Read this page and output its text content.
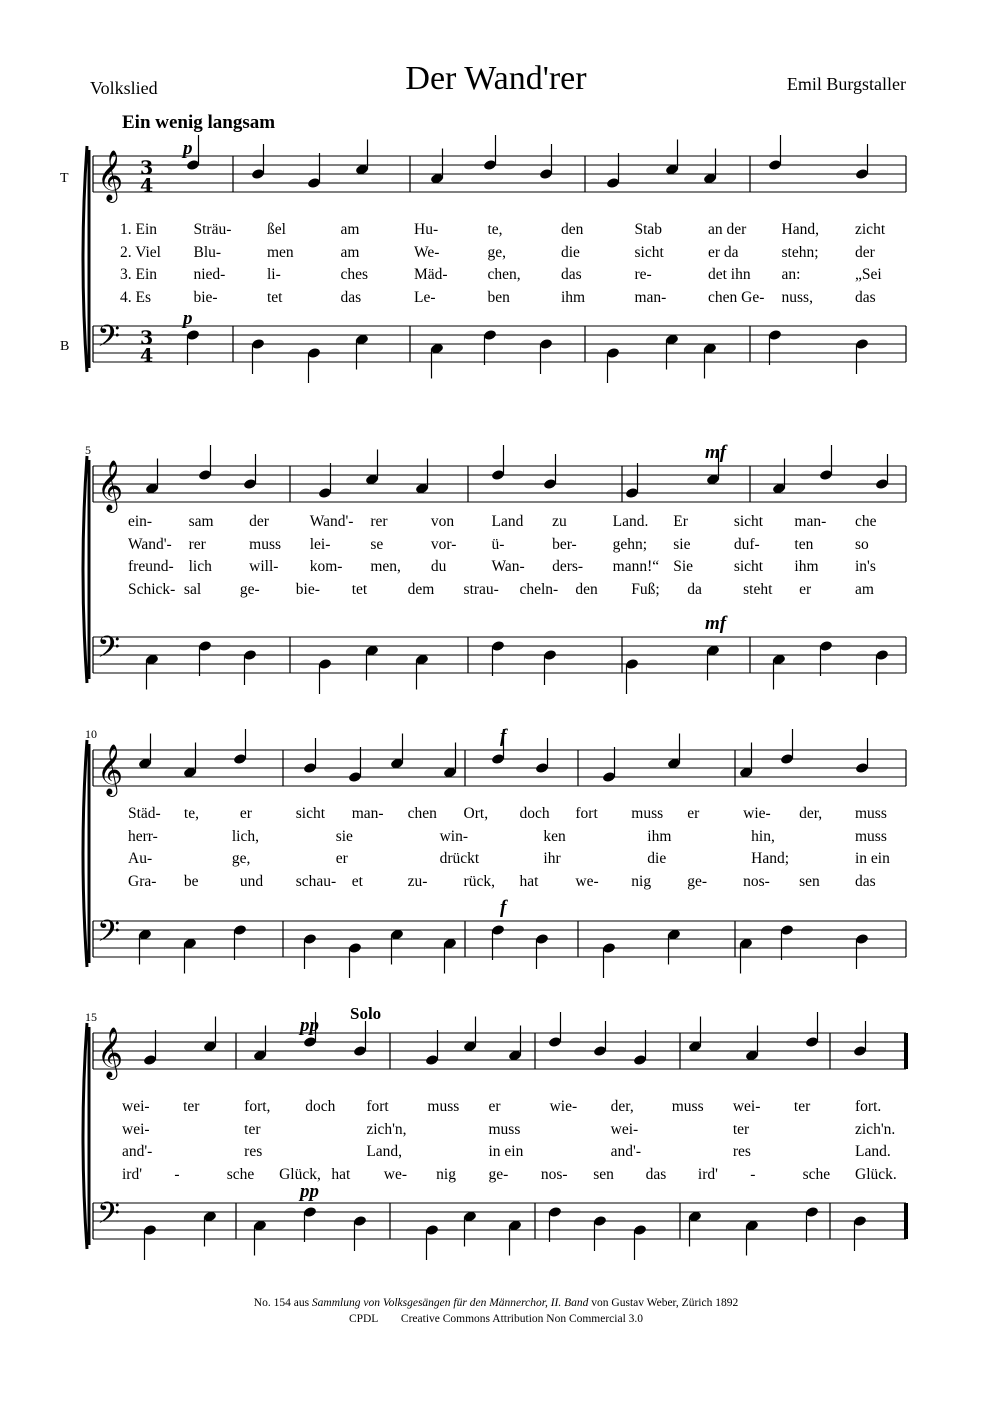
Volkslied	Der Wand'rer	Emil Burgstaller
Ein wenig langsam
𝄞
𝄢
p
p
T
B
3
4
3
4
𝄞
𝄢
mf
mf
5
𝄞
𝄢
f
f
10
𝄞
𝄢
Solo
pp
pp
15
1. Ein Sträu- ßel	am	Hu-	te,	den	Stab	an der Hand, zicht
2. Viel Blu-	men	am	We-	ge,	die	sicht	er da	stehn; der
3. Ein nied-	li-	ches	Mäd-	chen,	das	re-	det ihn an:	„Sei
4. Es	bie-	tet	das	Le-	ben	ihm	man-	chen Ge- nuss,	das
ein- sam der	Wand'- rer	von Land zu	Land. Er	sicht man- che
Wand'- rer	muss lei-	se	vor- ü-	ber- gehn; sie	duf- ten	so
freund- lich will- kom- men, du	Wan- ders- mann!“ Sie	sicht ihm in's
Schick- sal ge- bie- tet	dem strau- cheln- den Fuß; da	steht er	am
Städ- te,	er	sicht man- chen Ort, doch fort muss er	wie- der, muss
herr-	lich,	sie	win-	ken	ihm	hin,	muss
Au-	ge,	er	drückt	ihr	die	Hand;	in ein
Gra- be	und schau- et	zu- rück, hat we- nig ge- nos- sen das
wei- ter	fort, doch fort muss er	wie- der, muss wei- ter	fort.
wei-	ter	zich'n,	muss	wei-	ter	zich'n.
and'-	res	Land,	in ein	and'-	res	Land.
ird' -	sche Glück, hat we- nig ge- nos- sen das ird' -	sche Glück.
No. 154 aus Sammlung von Volksgesängen für den Männerchor, II. Band von Gustav Weber, Zürich 1892
CPDL Creative Commons Attribution Non Commercial 3.0
